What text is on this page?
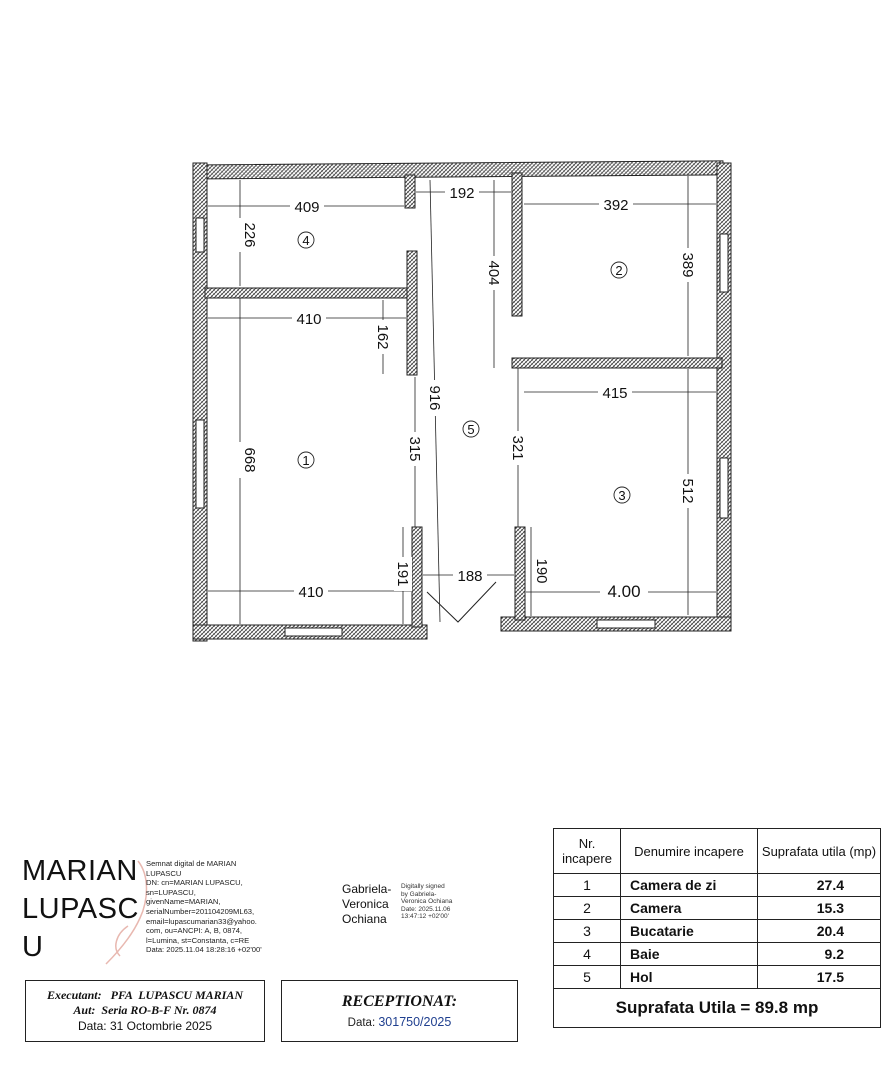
409
226
192
392
389
404
410
162
668
916
315
191
410
188
415
321
190
512
4.00
1
2
3
4
5
MARIAN
LUPASC
U
Semnat digital de MARIAN
LUPASCU
DN: cn=MARIAN LUPASCU,
sn=LUPASCU,
givenName=MARIAN,
serialNumber=201104209ML63,
email=lupascumarian33@yahoo.
com, ou=ANCPI: A, B, 0874,
l=Lumina, st=Constanta, c=RE
Data: 2025.11.04 18:28:16 +02'00'
Gabriela-
Veronica
Ochiana
Digitally signed
by Gabriela-
Veronica Ochiana
Date: 2025.11.06
13:47:12 +02'00'
Executant:   PFA  LUPASCU MARIAN
Aut:  Seria RO-B-F Nr. 0874
Data: 31 Octombrie 2025
RECEPTIONAT:
Data: 301750/2025
Nr. incapere	Denumire incapere	Suprafata utila (mp)
1	Camera de zi	27.4
2	Camera	15.3
3	Bucatarie	20.4
4	Baie	9.2
5	Hol	17.5
Suprafata Utila = 89.8 mp		
